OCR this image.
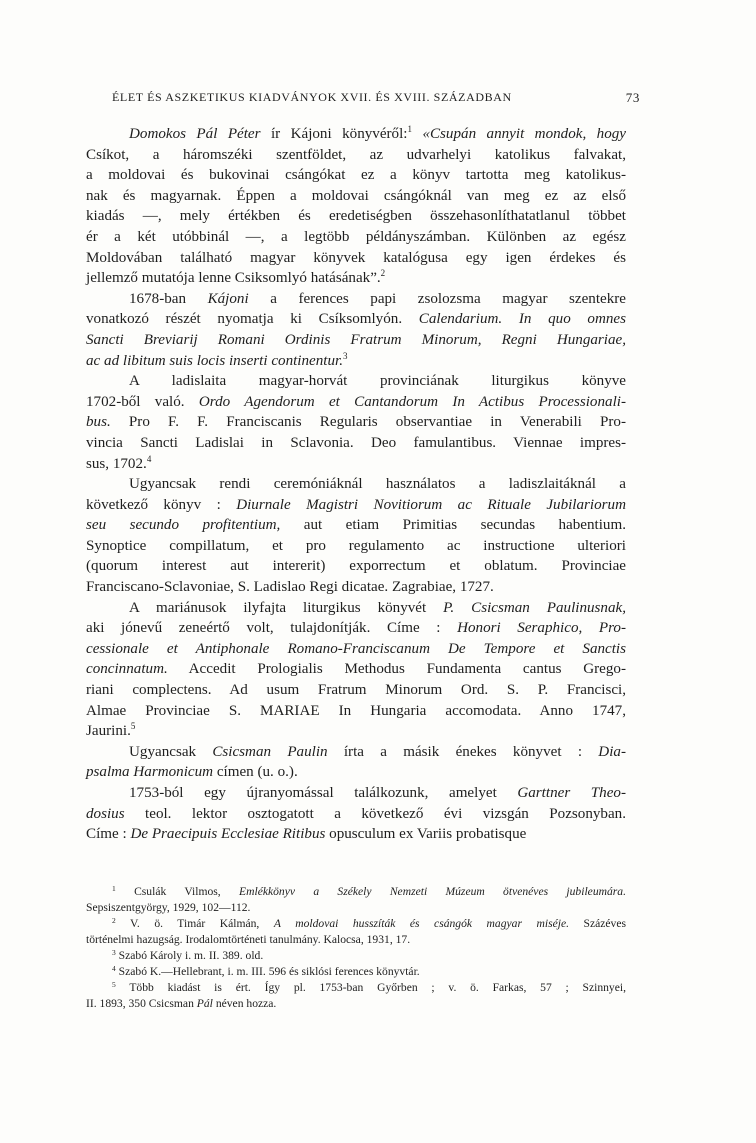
ÉLET ÉS ASZKETIKUS KIADVÁNYOK XVII. ÉS XVIII. SZÁZADBAN	73
Domokos Pál Péter ír Kájoni könyvéről:$^1$ «Csupán annyit mondok, hogy
Csíkot, a háromszéki szentföldet, az udvarhelyi katolikus falvakat,
a moldovai és bukovinai csángókat ez a könyv tartotta meg katolikus-
nak és magyarnak. Éppen a moldovai csángóknál van meg ez az első
kiadás —, mely értékben és eredetiségben összehasonlíthatatlanul többet
ér a két utóbbinál —, a legtöbb példányszámban. Különben az egész
Moldovában található magyar könyvek katalógusa egy igen érdekes és
jellemző mutatója lenne Csiksomlyó hatásának”.$^2$
1678-ban Kájoni a ferences papi zsolozsma magyar szentekre
vonatkozó részét nyomatja ki Csíksomlyón. Calendarium. In quo omnes
Sancti Breviarij Romani Ordinis Fratrum Minorum, Regni Hungariae,
ac ad libitum suis locis inserti continentur.$^3$
A ladislaita magyar-horvát provinciának liturgikus könyve
1702-ből való. Ordo Agendorum et Cantandorum In Actibus Processionali-
bus. Pro F. F. Franciscanis Regularis observantiae in Venerabili Pro-
vincia Sancti Ladislai in Sclavonia. Deo famulantibus. Viennae impres-
sus, 1702.$^4$
Ugyancsak rendi ceremóniáknál használatos a ladiszlaitáknál a
következő könyv : Diurnale Magistri Novitiorum ac Rituale Jubilariorum
seu secundo profitentium, aut etiam Primitias secundas habentium.
Synoptice compillatum, et pro regulamento ac instructione ulteriori
(quorum interest aut intererit) exporrectum et oblatum. Provinciae
Franciscano-Sclavoniae, S. Ladislao Regi dicatae. Zagrabiae, 1727.
A mariánusok ilyfajta liturgikus könyvét P. Csicsman Paulinusnak,
aki jónevű zeneértő volt, tulajdonítják. Címe : Honori Seraphico, Pro-
cessionale et Antiphonale Romano-Franciscanum De Tempore et Sanctis
concinnatum. Accedit Prologialis Methodus Fundamenta cantus Grego-
riani complectens. Ad usum Fratrum Minorum Ord. S. P. Francisci,
Almae Provinciae S. MARIAE In Hungaria accomodata. Anno 1747,
Jaurini.$^5$
Ugyancsak Csicsman Paulin írta a másik énekes könyvet : Dia-
psalma Harmonicum címen (u. o.).
1753-ból egy újranyomással találkozunk, amelyet Garttner Theo-
dosius teol. lektor osztogatott a következő évi vizsgán Pozsonyban.
Címe : De Praecipuis Ecclesiae Ritibus opusculum ex Variis probatisque
$^1$ Csulák Vilmos, Emlékkönyv a Székely Nemzeti Múzeum ötvenéves jubileumára.
Sepsiszentgyörgy, 1929, 102—112.
$^2$ V. ö. Timár Kálmán, A moldovai husszíták és csángók magyar miséje. Százéves
történelmi hazugság. Irodalomtörténeti tanulmány. Kalocsa, 1931, 17.
$^3$ Szabó Károly i. m. II. 389. old.
$^4$ Szabó K.—Hellebrant, i. m. III. 596 és siklósi ferences könyvtár.
$^5$ Több kiadást is ért. Így pl. 1753-ban Győrben ; v. ö. Farkas, 57 ; Szinnyei,
II. 1893, 350 Csicsman Pál néven hozza.
